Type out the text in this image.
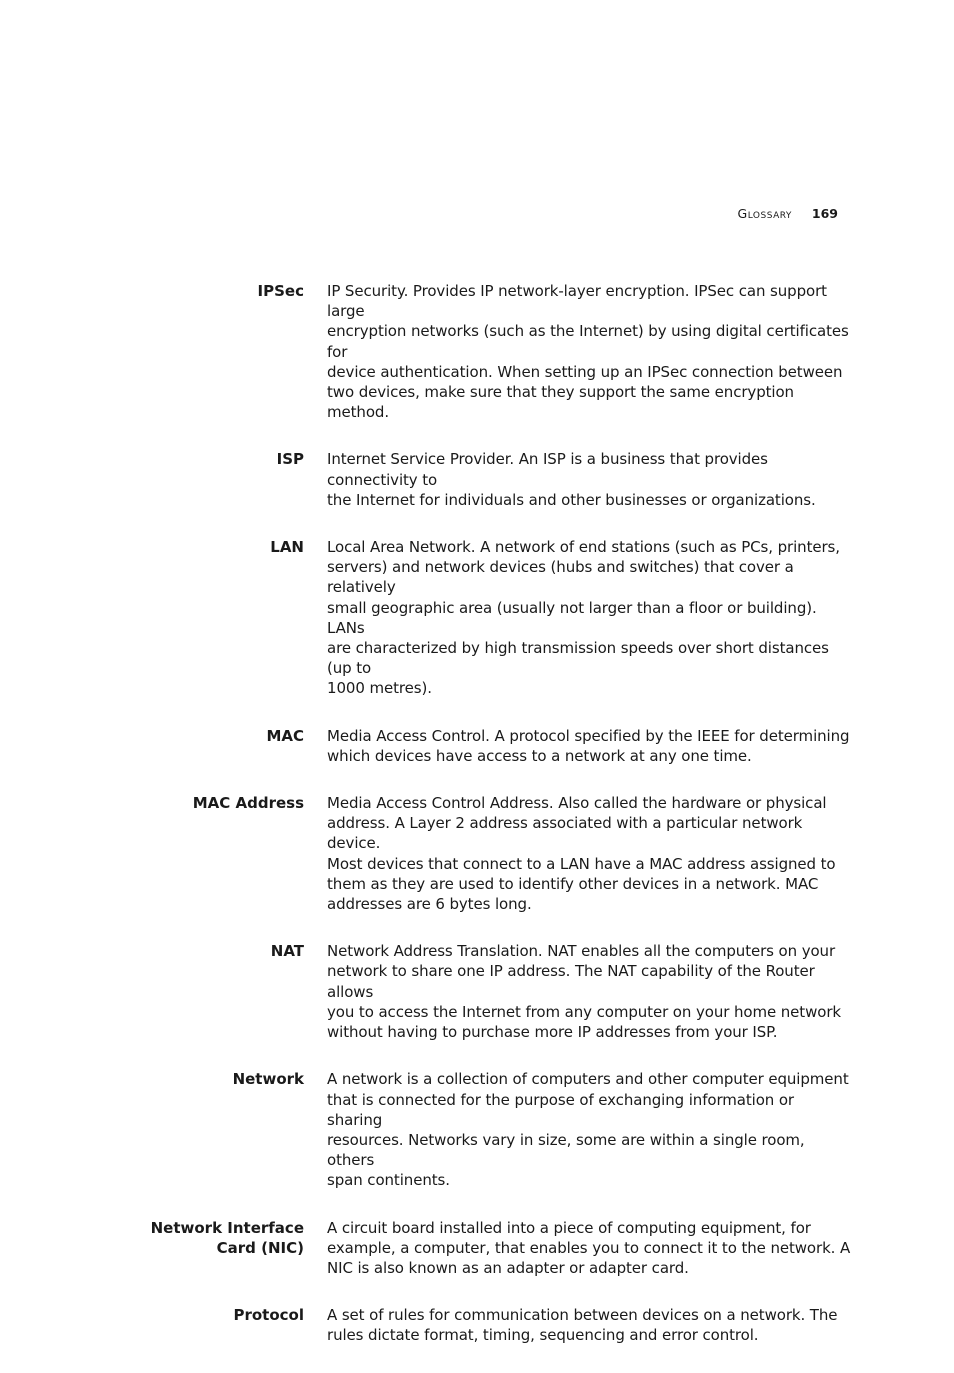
Glossary 169
IPSec IP Security. Provides IP network-layer encryption. IPSec can support large
encryption networks (such as the Internet) by using digital certificates for
device authentication. When setting up an IPSec connection between
two devices, make sure that they support the same encryption method.
ISP Internet Service Provider. An ISP is a business that provides connectivity to
the Internet for individuals and other businesses or organizations.
LAN Local Area Network. A network of end stations (such as PCs, printers,
servers) and network devices (hubs and switches) that cover a relatively
small geographic area (usually not larger than a floor or building). LANs
are characterized by high transmission speeds over short distances (up to
1000 metres).
MAC Media Access Control. A protocol specified by the IEEE for determining
which devices have access to a network at any one time.
MAC Address Media Access Control Address. Also called the hardware or physical
address. A Layer 2 address associated with a particular network device.
Most devices that connect to a LAN have a MAC address assigned to
them as they are used to identify other devices in a network. MAC
addresses are 6 bytes long.
NAT Network Address Translation. NAT enables all the computers on your
network to share one IP address. The NAT capability of the Router allows
you to access the Internet from any computer on your home network
without having to purchase more IP addresses from your ISP.
Network A network is a collection of computers and other computer equipment
that is connected for the purpose of exchanging information or sharing
resources. Networks vary in size, some are within a single room, others
span continents.
Network Interface
Card (NIC)
A circuit board installed into a piece of computing equipment, for
example, a computer, that enables you to connect it to the network. A
NIC is also known as an adapter or adapter card.
Protocol A set of rules for communication between devices on a network. The
rules dictate format, timing, sequencing and error control.
